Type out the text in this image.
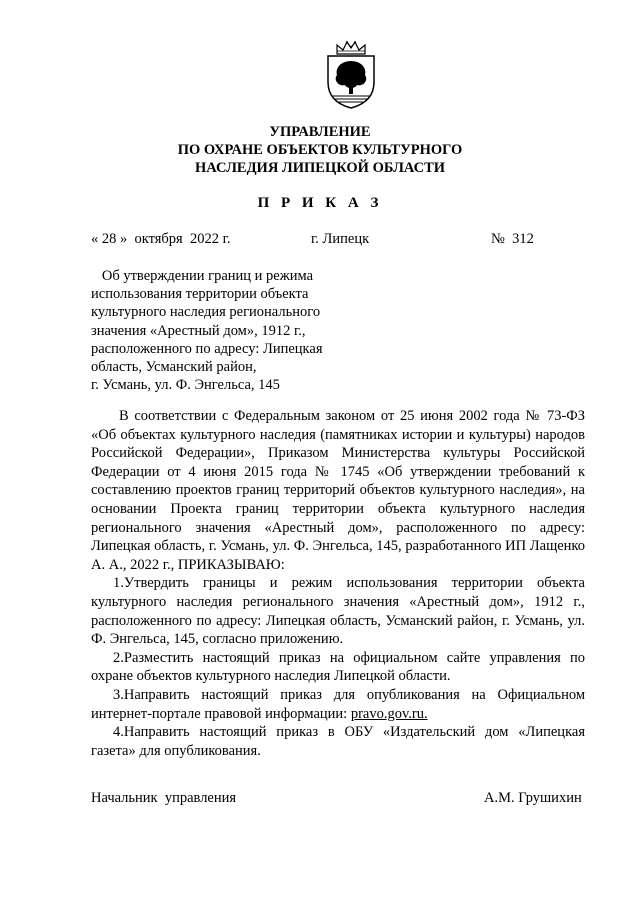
УПРАВЛЕНИЕ
ПО ОХРАНЕ ОБЪЕКТОВ КУЛЬТУРНОГО
НАСЛЕДИЯ ЛИПЕЦКОЙ ОБЛАСТИ
П Р И К А З
« 28 »  октября  2022 г.	г. Липецк	№  312
Об утверждении границ и режима
использования территории объекта
культурного наследия регионального
значения «Арестный дом», 1912 г.,
расположенного по адресу: Липецкая
область, Усманский район,
г. Усмань, ул. Ф. Энгельса, 145

В соответствии с Федеральным законом от 25 июня 2002 года № 73-ФЗ «Об объектах культурного наследия (памятниках истории и культуры) народов Российской Федерации», Приказом Министерства культуры Российской Федерации от 4 июня 2015 года № 1745 «Об утверждении требований к составлению проектов границ территорий объектов культурного наследия», на основании Проекта границ территории объекта культурного наследия регионального значения «Арестный дом», расположенного по адресу: Липецкая область, г. Усмань, ул. Ф. Энгельса, 145, разработанного ИП Лащенко А. А., 2022 г., ПРИКАЗЫВАЮ:

1.Утвердить границы и режим использования территории объекта культурного наследия регионального значения «Арестный дом», 1912 г., расположенного по адресу: Липецкая область, Усманский район, г. Усмань, ул. Ф. Энгельса, 145, согласно приложению.

2.Разместить настоящий приказ на официальном сайте управления по охране объектов культурного наследия Липецкой области.

3.Направить настоящий приказ для опубликования на Официальном интернет-портале правовой информации: pravo.gov.ru.

4.Направить настоящий приказ в ОБУ «Издательский дом «Липецкая газета» для опубликования.

Начальник  управления	А.М. Грушихин
